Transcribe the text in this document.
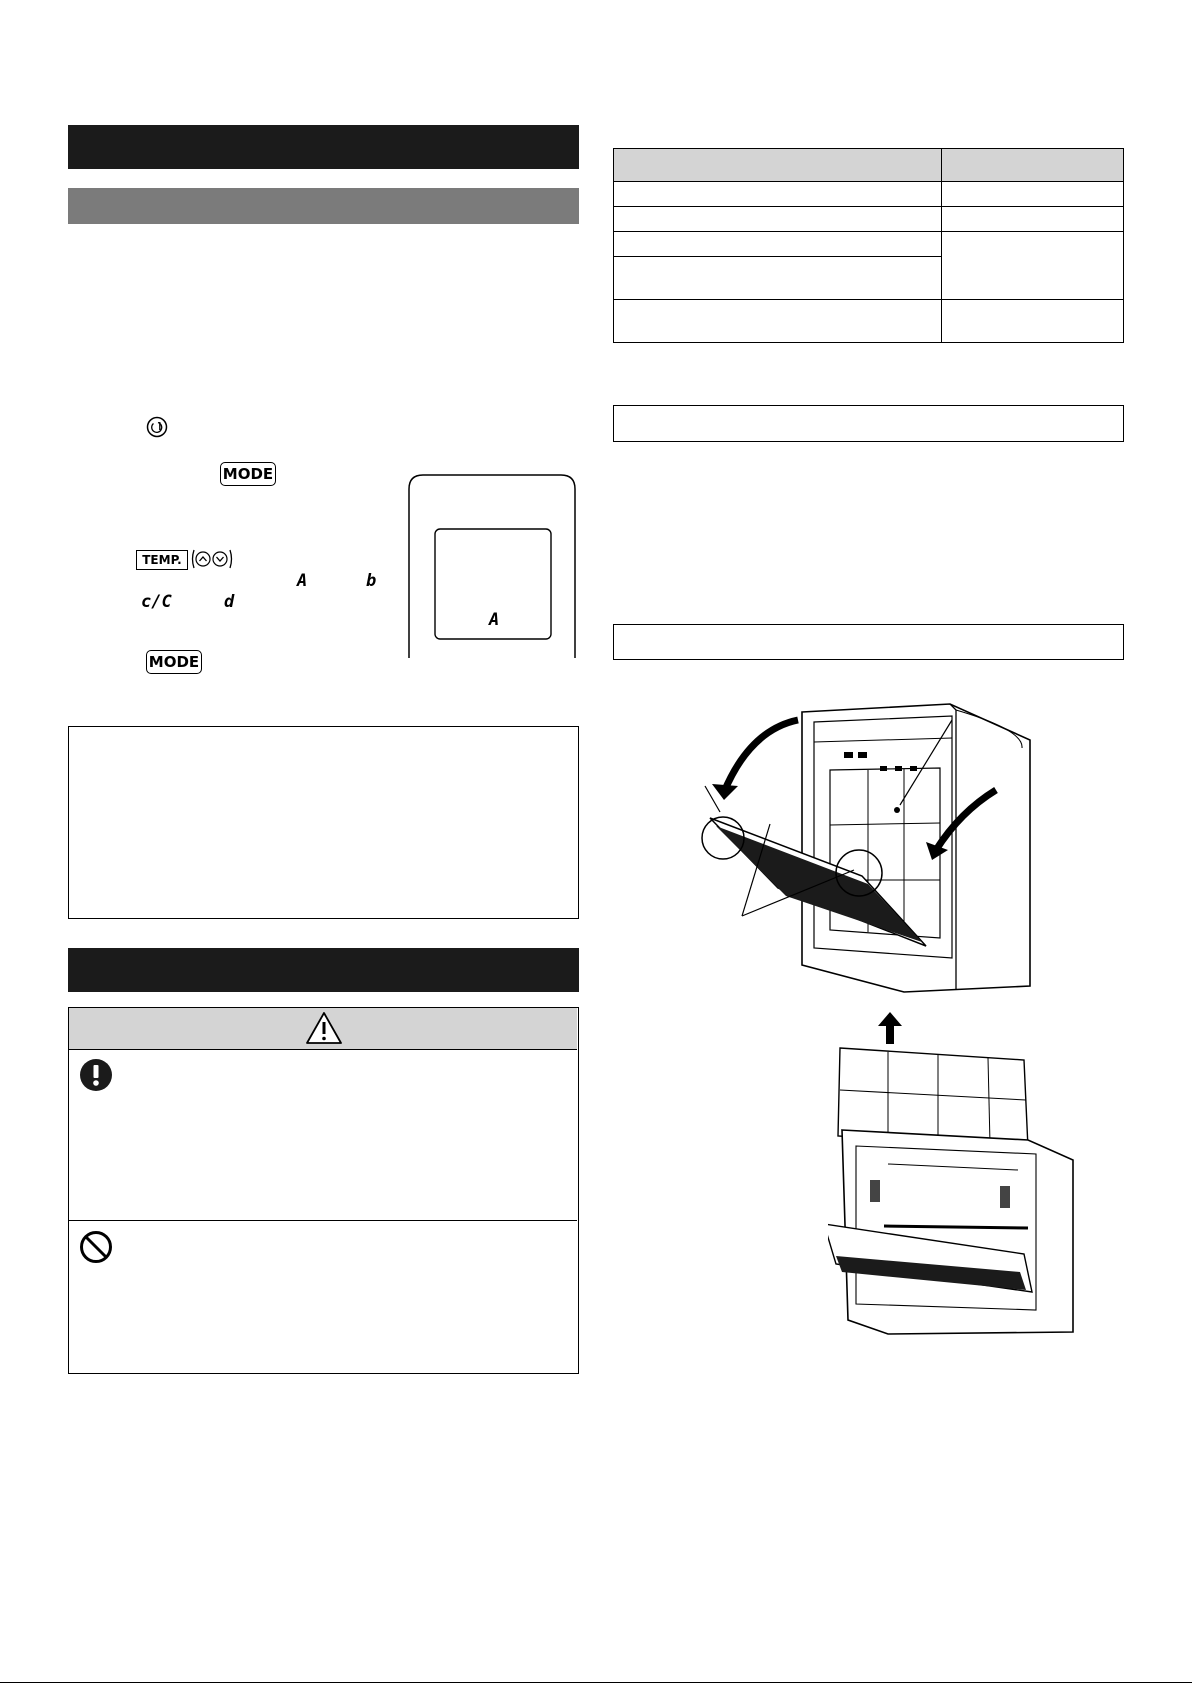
MODE
TEMP.
A	b
c/C	d
MODE
A
